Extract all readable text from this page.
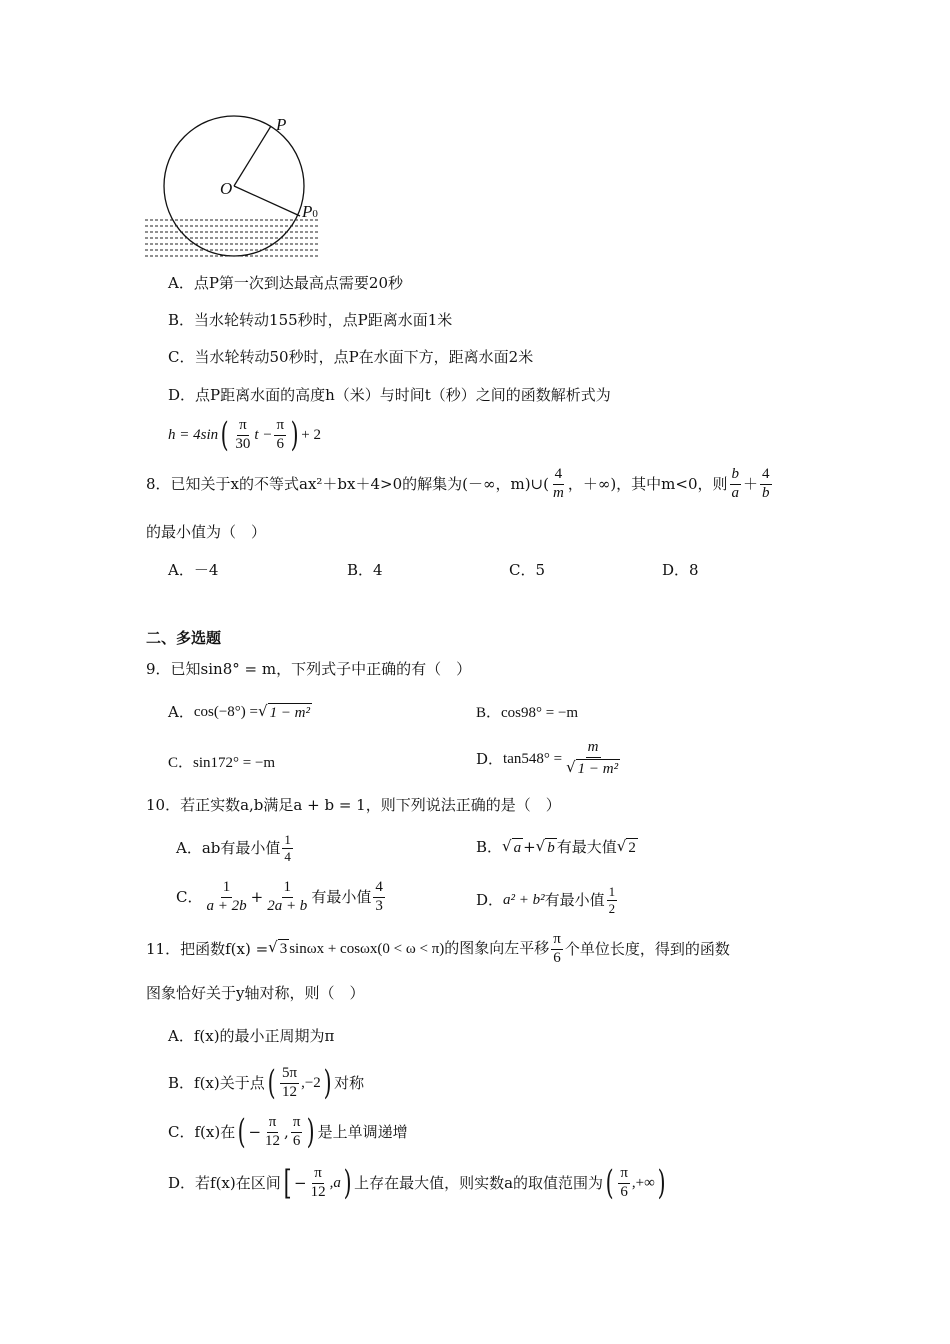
P
O
P0
A．点P第一次到达最高点需要20秒
B．当水轮转动155秒时，点P距离水面1米
C．当水轮转动50秒时，点P在水面下方，距离水面2米
D．点P距离水面的高度h（米）与时间t（秒）之间的函数解析式为
$h = 4\sin( \frac{\pi}{30}$ $t - \frac{\pi}{6}$ ) + 2
8．已知关于x的不等式ax²＋bx＋4>0的解集为(－∞，m)∪( $\frac{4}{m}$ ，＋∞)，其中m<0，则 $\frac{b}{a} + \frac{4}{b}$
的最小值为（　）
A．－4	B．4	C．5	D．8
二、多选题
9．已知sin8° = m，下列式子中正确的有（　）
A．cos(−8°) = √ 1 − m²	B．cos98° = −m
C．sin172° = −m	D．$\tan 548^\circ = \frac{m}{\text{√ 1 − m²}}$
10．若正实数a,b满足a + b = 1，则下列说法正确的是（　）
A．ab有最小值 $\frac{1}{4}$	B． √ a + √ b 有最大值 √ 2
C． $\frac{1}{a + 2b} + \frac{1}{2a + b}$ 有最小值 $\frac{4}{3}$	D．a² + b²有最小值 $\frac{1}{2}$
11．把函数f(x) = √ 3 sinωx + cosωx(0 < ω < π)的图象向左平移 $\frac{\pi}{6}$ 个单位长度，得到的函数
图象恰好关于y轴对称，则（　）
A．f(x)的最小正周期为π
B．f(x)关于点( $\frac{5\pi}{12} ,-2$) 对称
C．f(x)在( − $\frac{\pi}{12}$ , $\frac{\pi}{6}$ ) 是上单调递增
D．若f(x)在区间[ − $\frac{\pi}{12} ,a$) 上存在最大值，则实数a的取值范围为( $\frac{\pi}{6}$ ,+∞)
